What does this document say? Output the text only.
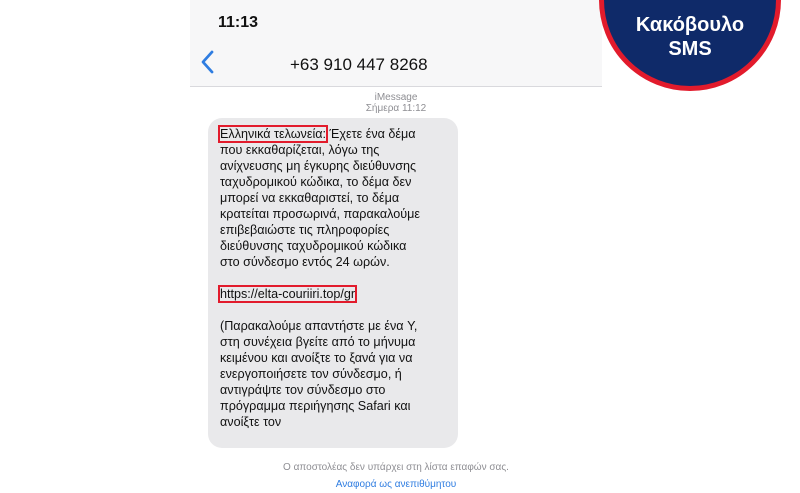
11:13
+63 910 447 8268
iMessage
Σήμερα 11:12

Ελληνικά τελωνεία: Έχετε ένα δέμα

που εκκαθαρίζεται, λόγω της

ανίχνευσης μη έγκυρης διεύθυνσης

ταχυδρομικού κώδικα, το δέμα δεν

μπορεί να εκκαθαριστεί, το δέμα

κρατείται προσωρινά, παρακαλούμε

επιβεβαιώστε τις πληροφορίες

διεύθυνσης ταχυδρομικού κώδικα

στο σύνδεσμο εντός 24 ωρών.

https://elta-couriiri.top/gr

(Παρακαλούμε απαντήστε με ένα Y,

στη συνέχεια βγείτε από το μήνυμα

κειμένου και ανοίξτε το ξανά για να

ενεργοποιήσετε τον σύνδεσμο, ή

αντιγράψτε τον σύνδεσμο στο

πρόγραμμα περιήγησης Safari και

ανοίξτε τον

Ο αποστολέας δεν υπάρχει στη λίστα επαφών σας.
Αναφορά ως ανεπιθύμητου
Κακόβουλο
SMS
